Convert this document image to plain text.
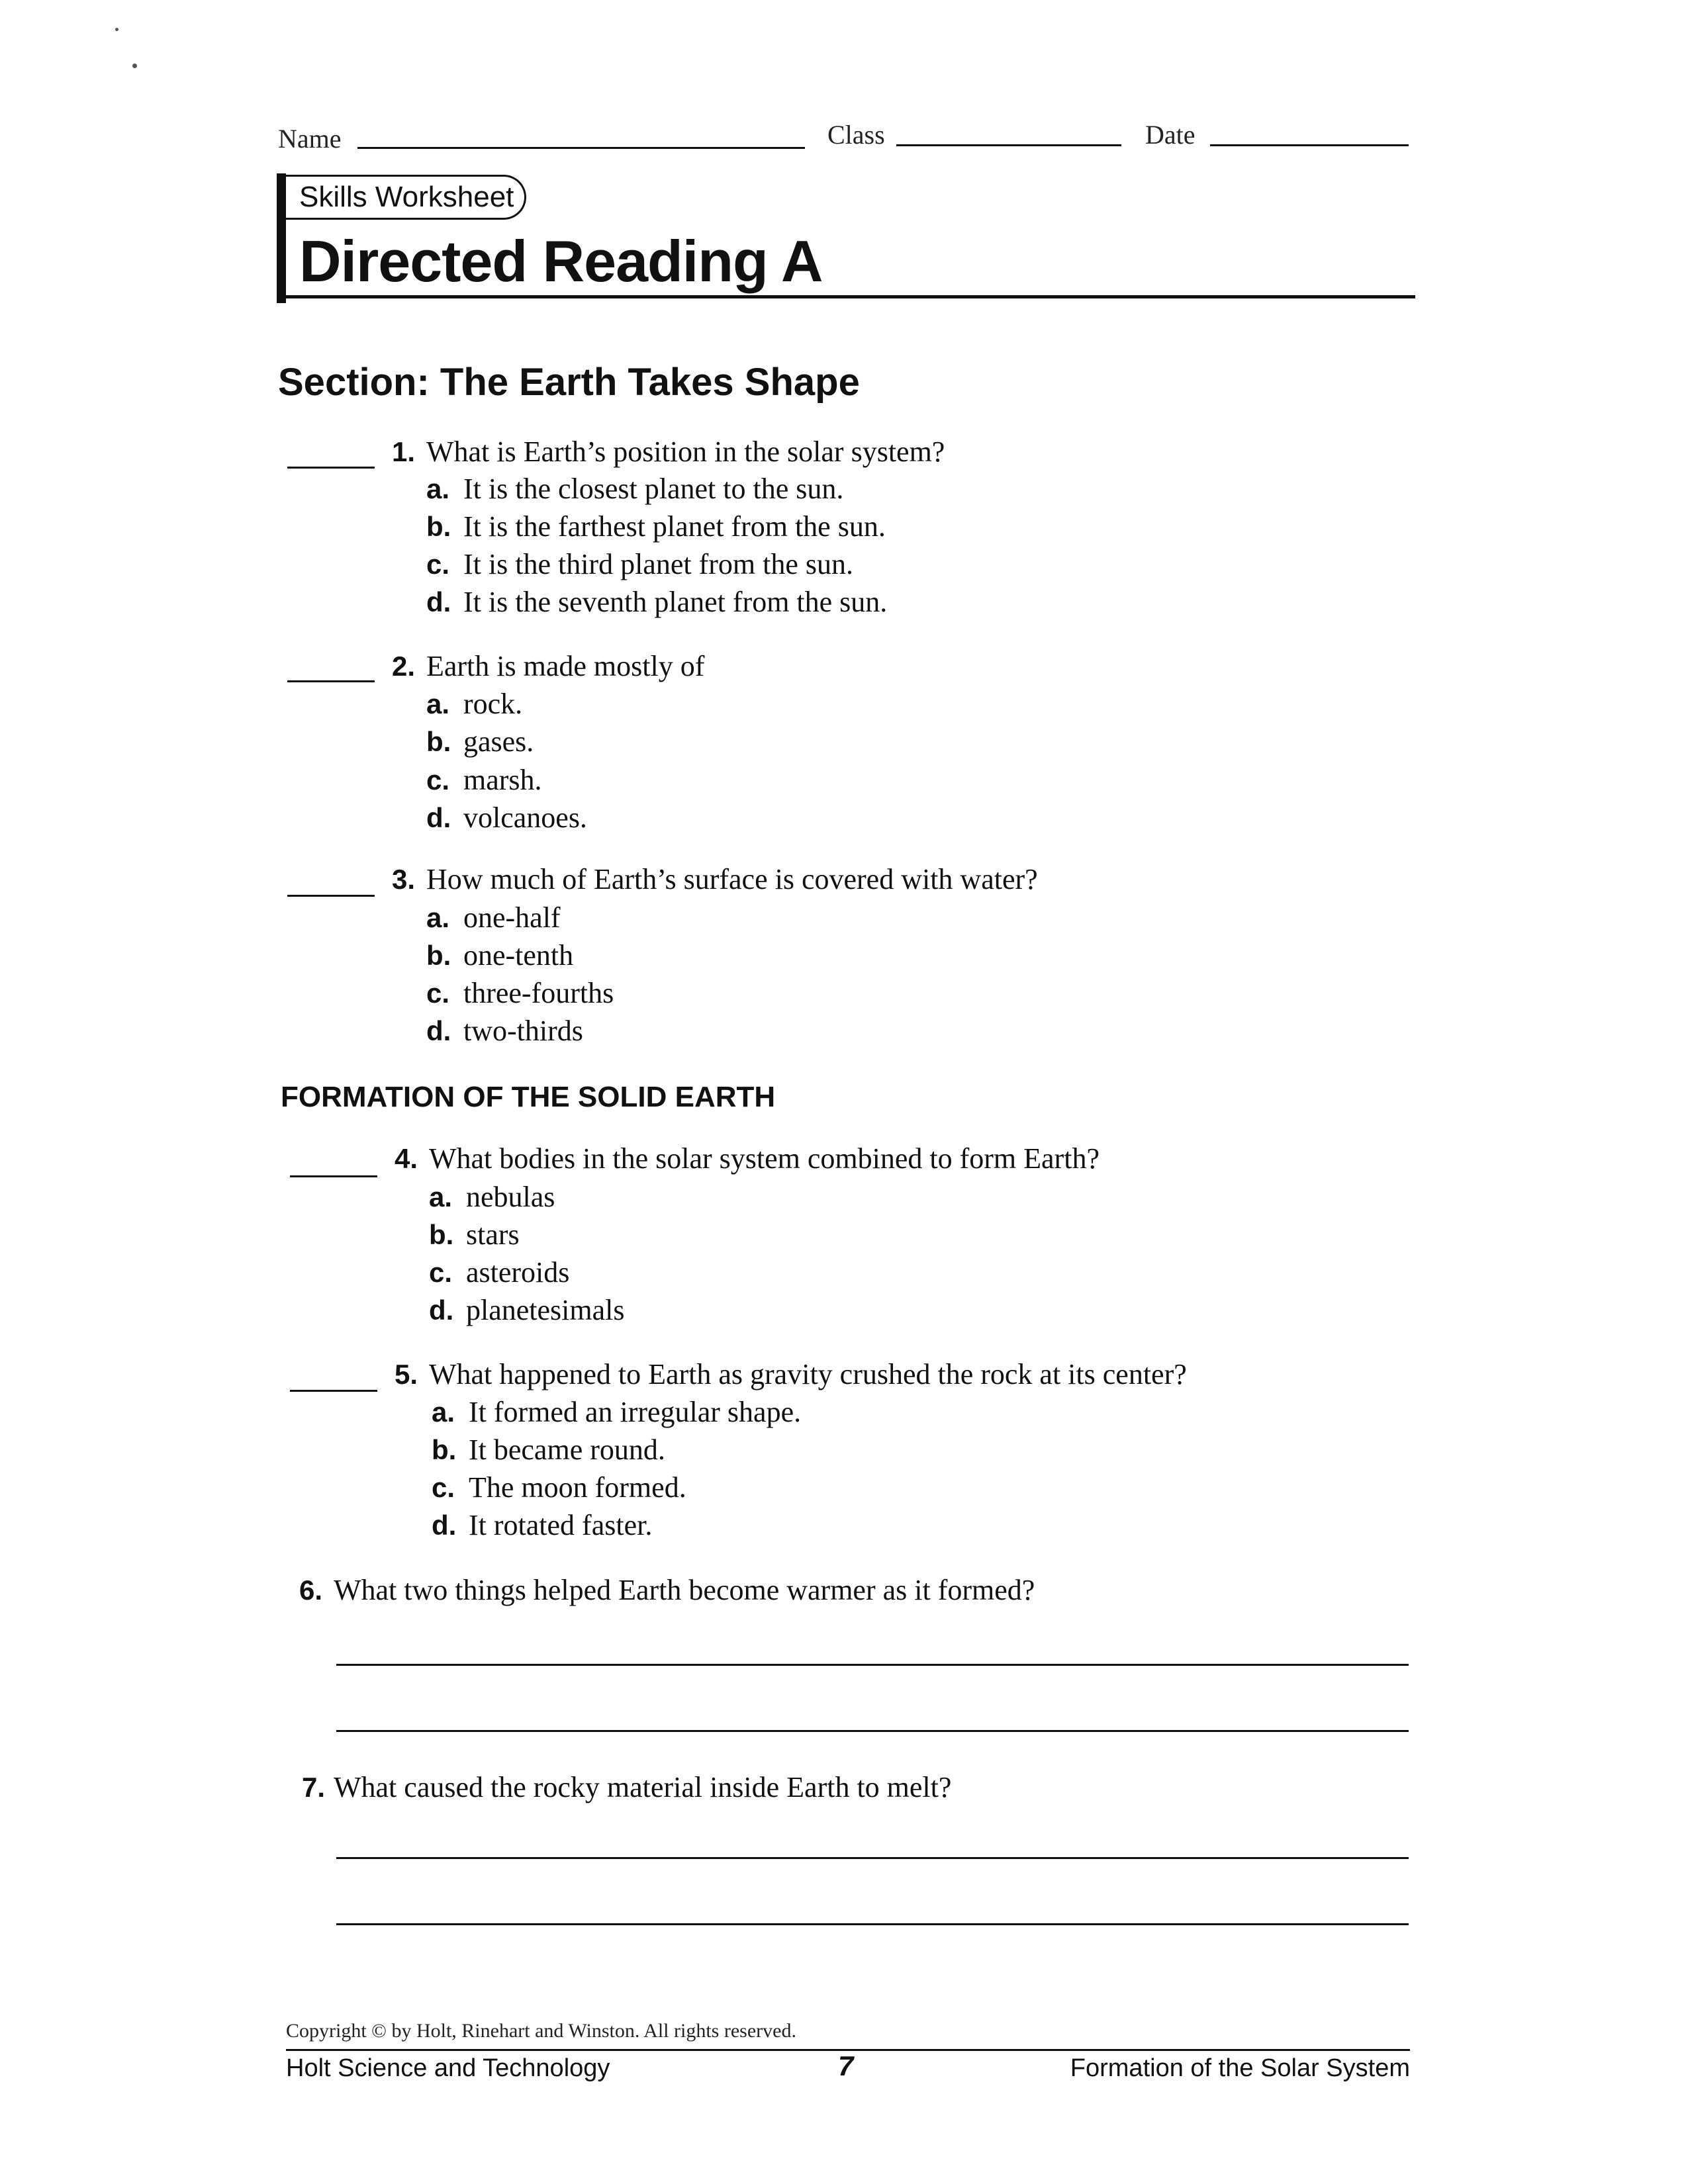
Name	Class	Date
Skills Worksheet
Directed Reading A
Section: The Earth Takes Shape
1. What is Earth’s position in the solar system?
a. It is the closest planet to the sun.
b. It is the farthest planet from the sun.
c. It is the third planet from the sun.
d. It is the seventh planet from the sun.
2. Earth is made mostly of
a. rock.
b. gases.
c. marsh.
d. volcanoes.
3. How much of Earth’s surface is covered with water?
a. one-half
b. one-tenth
c. three-fourths
d. two-thirds
FORMATION OF THE SOLID EARTH
4. What bodies in the solar system combined to form Earth?
a. nebulas
b. stars
c. asteroids
d. planetesimals
5. What happened to Earth as gravity crushed the rock at its center?
a. It formed an irregular shape.
b. It became round.
c. The moon formed.
d. It rotated faster.
6. What two things helped Earth become warmer as it formed?
7. What caused the rocky material inside Earth to melt?
Copyright © by Holt, Rinehart and Winston. All rights reserved.
Holt Science and Technology	7	Formation of the Solar System
